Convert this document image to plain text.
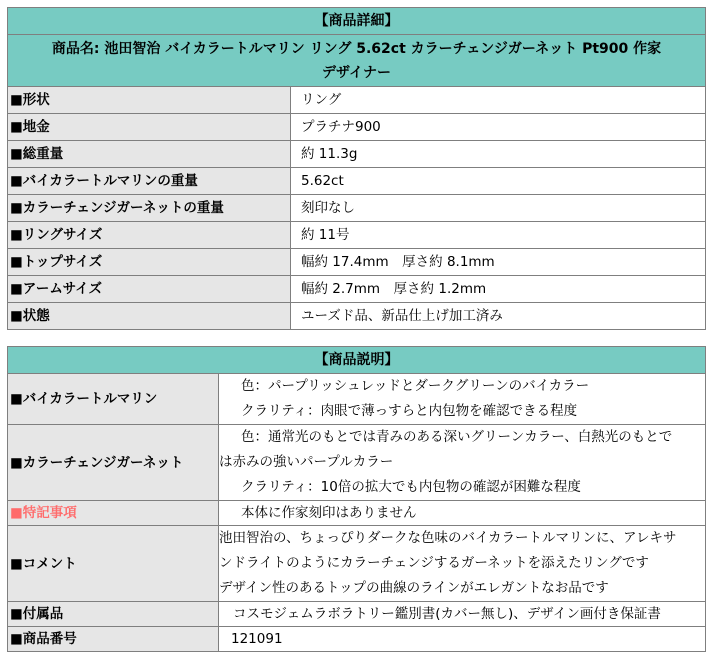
【商品詳細】	

商品名: 池田智治 バイカラートルマリン リング 5.62ct カラーチェンジガーネット Pt900 作家
デザイナー	

■形状	リング
■地金	プラチナ900
■総重量	約 11.3g
■バイカラートルマリンの重量	5.62ct
■カラーチェンジガーネットの重量	刻印なし
■リングサイズ	約 11号
■トップサイズ	幅約 17.4mm　厚さ約 8.1mm
■アームサイズ	幅約 2.7mm　厚さ約 1.2mm
■状態	ユーズド品、新品仕上げ加工済み
【商品説明】	
■バイカラートルマリン	色：パープリッシュレッドとダークグリーンのバイカラー
クラリティ：肉眼で薄っすらと内包物を確認できる程度

■カラーチェンジガーネット	色：通常光のもとでは青みのある深いグリーンカラー、白熱光のもとで
は赤みの強いパープルカラー
クラリティ：10倍の拡大でも内包物の確認が困難な程度

■特記事項	本体に作家刻印はありません
■コメント	池田智治の、ちょっぴりダークな色味のバイカラートルマリンに、アレキサ
ンドライトのようにカラーチェンジするガーネットを添えたリングです
デザイン性のあるトップの曲線のラインがエレガントなお品です

■付属品	コスモジェムラボラトリー鑑別書(カバー無し)、デザイン画付き保証書
■商品番号	121091
